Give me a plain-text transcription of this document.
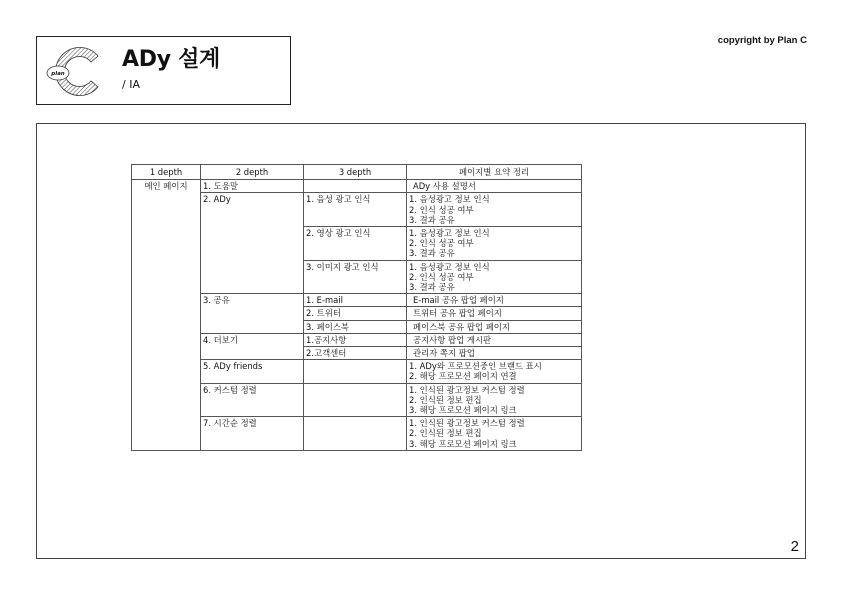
plan
ADy 설계
/ IA
copyright by Plan C
1 depth	2 depth	3 depth	페이지별 요약 정리
메인 페이지	1. 도움말		ADy 사용 설명서
	2. ADy	1. 음성 광고 인식	1. 음성광고 정보 인식
2. 인식 성공 여부
3. 결과 공유

		2. 영상 광고 인식	1. 음성광고 정보 인식
2. 인식 성공 여부
3. 결과 공유

		3. 이미지 광고 인식	1. 음성광고 정보 인식
2. 인식 성공 여부
3. 결과 공유

	3. 공유	1. E-mail	E-mail 공유 팝업 페이지
		2. 트위터	트위터 공유 팝업 페이지
		3. 페이스북	페이스북 공유 팝업 페이지
	4. 더보기	1.공지사항	공지사항 팝업 게시판
		2.고객센터	관리자 쪽지 팝업
	5. ADy friends		1. ADy와 프로모션중인 브랜드 표시
2. 해당 프로모션 페이지 연결

	6. 커스텀 정렬		1. 인식된 광고정보 커스텀 정렬
2. 인식된 정보 편집
3. 해당 프로모션 페이지 링크

	7. 시간순 정렬		1. 인식된 광고정보 커스텀 정렬
2. 인식된 정보 편집
3. 해당 프로모션 페이지 링크
2
